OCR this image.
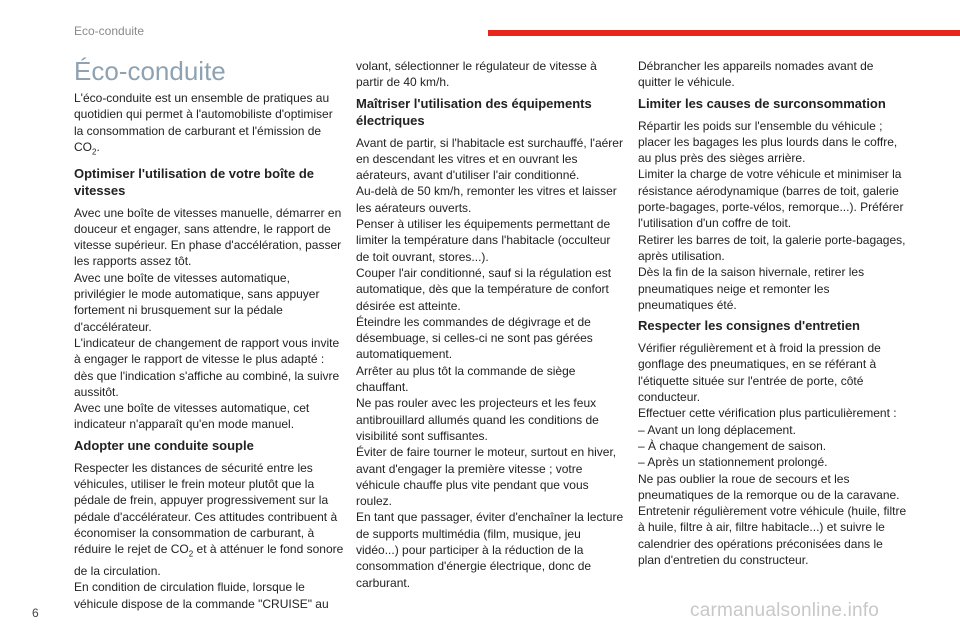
Eco-conduite
Éco-conduite

L'éco-conduite est un ensemble de pratiques au quotidien qui permet à l'automobiliste d'optimiser la consommation de carburant et l'émission de $CO_2$.

Optimiser l'utilisation de votre boîte de vitesses

Avec une boîte de vitesses manuelle, démarrer en douceur et engager, sans attendre, le rapport de vitesse supérieur. En phase d'accélération, passer les rapports assez tôt.
Avec une boîte de vitesses automatique, privilégier le mode automatique, sans appuyer fortement ni brusquement sur la pédale d'accélérateur.
L'indicateur de changement de rapport vous invite à engager le rapport de vitesse le plus adapté : dès que l'indication s'affiche au combiné, la suivre aussitôt.
Avec une boîte de vitesses automatique, cet indicateur n'apparaît qu'en mode manuel.

Adopter une conduite souple

Respecter les distances de sécurité entre les véhicules, utiliser le frein moteur plutôt que la pédale de frein, appuyer progressivement sur la pédale d'accélérateur. Ces attitudes contribuent à économiser la consommation de carburant, à réduire le rejet de $CO_2$ et à atténuer le fond sonore de la circulation.
En condition de circulation fluide, lorsque le véhicule dispose de la commande "CRUISE" au

volant, sélectionner le régulateur de vitesse à partir de 40 km/h.

Maîtriser l'utilisation des équipements électriques

Avant de partir, si l'habitacle est surchauffé, l'aérer en descendant les vitres et en ouvrant les aérateurs, avant d'utiliser l'air conditionné.
Au-delà de 50 km/h, remonter les vitres et laisser les aérateurs ouverts.
Penser à utiliser les équipements permettant de limiter la température dans l'habitacle (occulteur de toit ouvrant, stores...).
Couper l'air conditionné, sauf si la régulation est automatique, dès que la température de confort désirée est atteinte.
Éteindre les commandes de dégivrage et de désembuage, si celles-ci ne sont pas gérées automatiquement.
Arrêter au plus tôt la commande de siège chauffant.
Ne pas rouler avec les projecteurs et les feux antibrouillard allumés quand les conditions de visibilité sont suffisantes.
Éviter de faire tourner le moteur, surtout en hiver, avant d'engager la première vitesse ; votre véhicule chauffe plus vite pendant que vous roulez.
En tant que passager, éviter d'enchaîner la lecture de supports multimédia (film, musique, jeu vidéo...) pour participer à la réduction de la consommation d'énergie électrique, donc de carburant.

Débrancher les appareils nomades avant de quitter le véhicule.

Limiter les causes de surconsommation

Répartir les poids sur l'ensemble du véhicule ; placer les bagages les plus lourds dans le coffre, au plus près des sièges arrière.
Limiter la charge de votre véhicule et minimiser la résistance aérodynamique (barres de toit, galerie porte-bagages, porte-vélos, remorque...). Préférer l'utilisation d'un coffre de toit.
Retirer les barres de toit, la galerie porte-bagages, après utilisation.
Dès la fin de la saison hivernale, retirer les pneumatiques neige et remonter les pneumatiques été.

Respecter les consignes d'entretien

Vérifier régulièrement et à froid la pression de gonflage des pneumatiques, en se référant à l'étiquette située sur l'entrée de porte, côté conducteur.
Effectuer cette vérification plus particulièrement :
– Avant un long déplacement.
– À chaque changement de saison.
– Après un stationnement prolongé.
Ne pas oublier la roue de secours et les pneumatiques de la remorque ou de la caravane.
Entretenir régulièrement votre véhicule (huile, filtre à huile, filtre à air, filtre habitacle...) et suivre le calendrier des opérations préconisées dans le plan d'entretien du constructeur.

6	carmanualsonline.info
